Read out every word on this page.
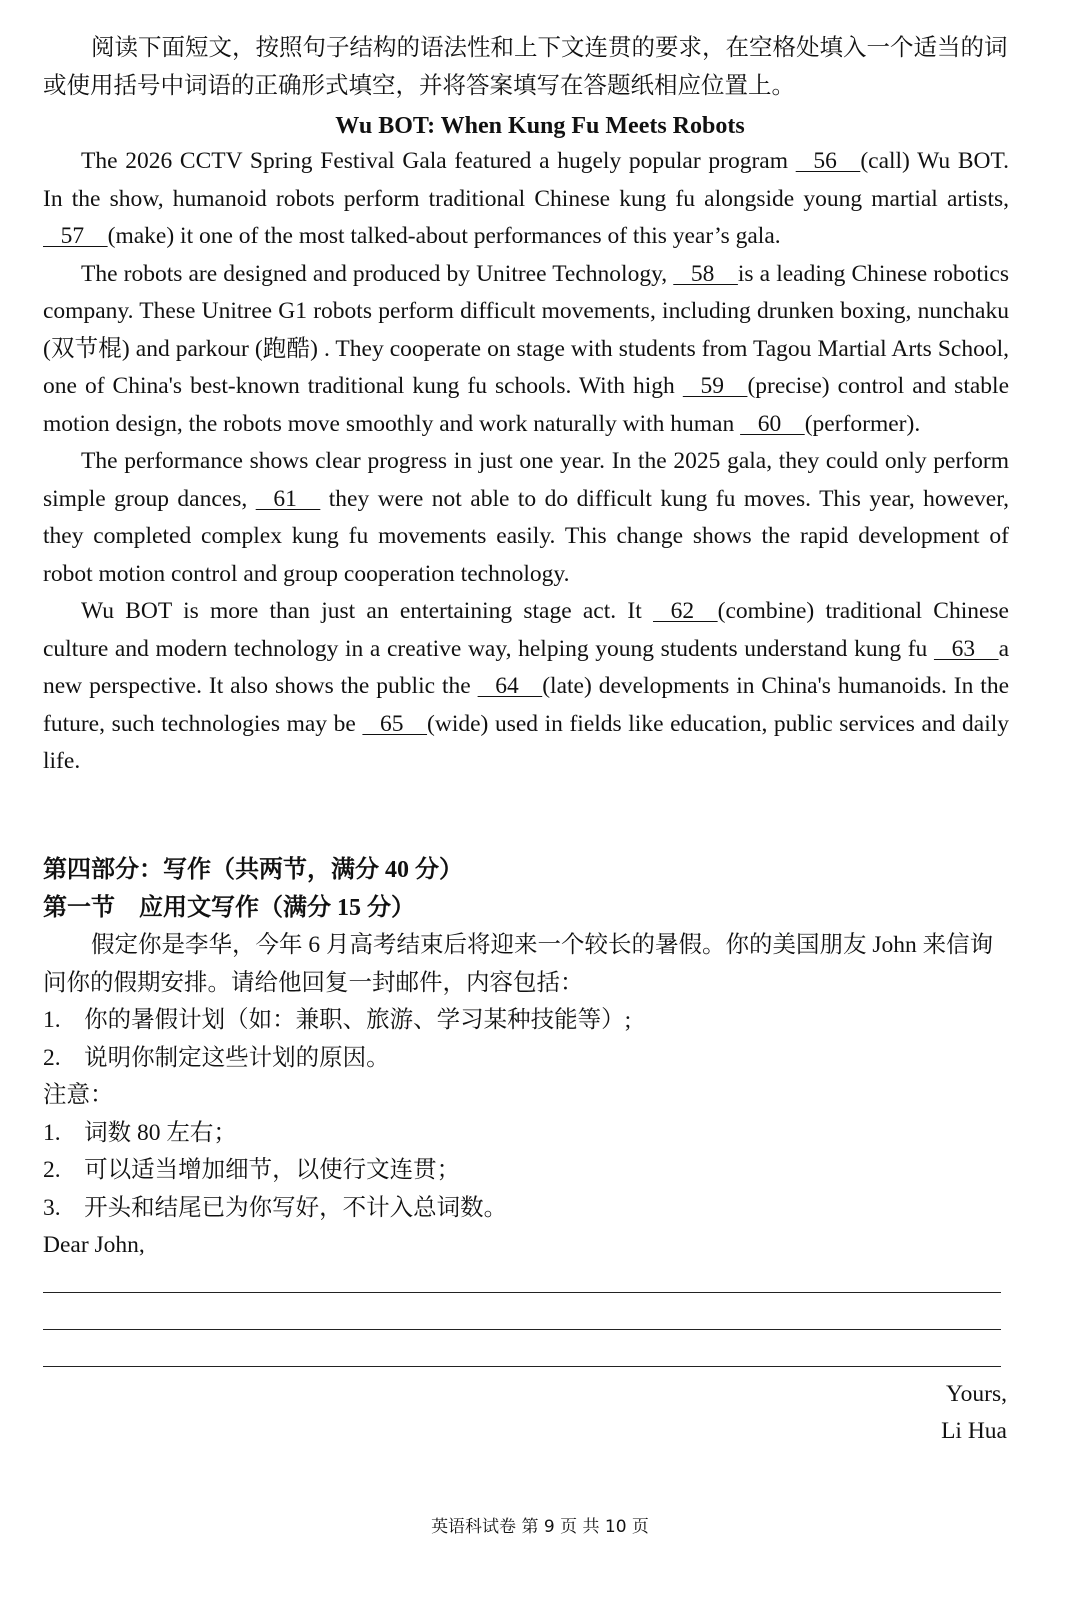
阅读下面短文，按照句子结构的语法性和上下文连贯的要求，在空格处填入一个适当的词或使用括号中词语的正确形式填空，并将答案填写在答题纸相应位置上。

Wu BOT: When Kung Fu Meets Robots

The 2026 CCTV Spring Festival Gala featured a hugely popular program    56    (call) Wu BOT. In the show, humanoid robots perform traditional Chinese kung fu alongside young martial artists,    57    (make) it one of the most talked-about performances of this year’s gala.

The robots are designed and produced by Unitree Technology,    58    is a leading Chinese robotics company. These Unitree G1 robots perform difficult movements, including drunken boxing, nunchaku (双节棍) and parkour (跑酷) . They cooperate on stage with students from Tagou Martial Arts School, one of China's best-known traditional kung fu schools. With high    59    (precise) control and stable motion design, the robots move smoothly and work naturally with human    60    (performer).

The performance shows clear progress in just one year. In the 2025 gala, they could only perform simple group dances,    61     they were not able to do difficult kung fu moves. This year, however, they completed complex kung fu movements easily. This change shows the rapid development of robot motion control and group cooperation technology.

Wu BOT is more than just an entertaining stage act. It    62    (combine) traditional Chinese culture and modern technology in a creative way, helping young students understand kung fu    63    a new perspective. It also shows the public the    64    (late) developments in China's humanoids. In the future, such technologies may be    65    (wide) used in fields like education, public services and daily life.

第四部分：写作（共两节，满分 40 分）

第一节　应用文写作（满分 15 分）

假定你是李华，今年 6 月高考结束后将迎来一个较长的暑假。你的美国朋友 John 来信询问你的假期安排。请给他回复一封邮件，内容包括：

1.　你的暑假计划（如：兼职、旅游、学习某种技能等）;

2.　说明你制定这些计划的原因。

注意：

1.　词数 80 左右；

2.　可以适当增加细节，以使行文连贯；

3.　开头和结尾已为你写好，不计入总词数。

Dear John,

Yours,
Li Hua
英语科试卷 第 9 页 共 10 页
